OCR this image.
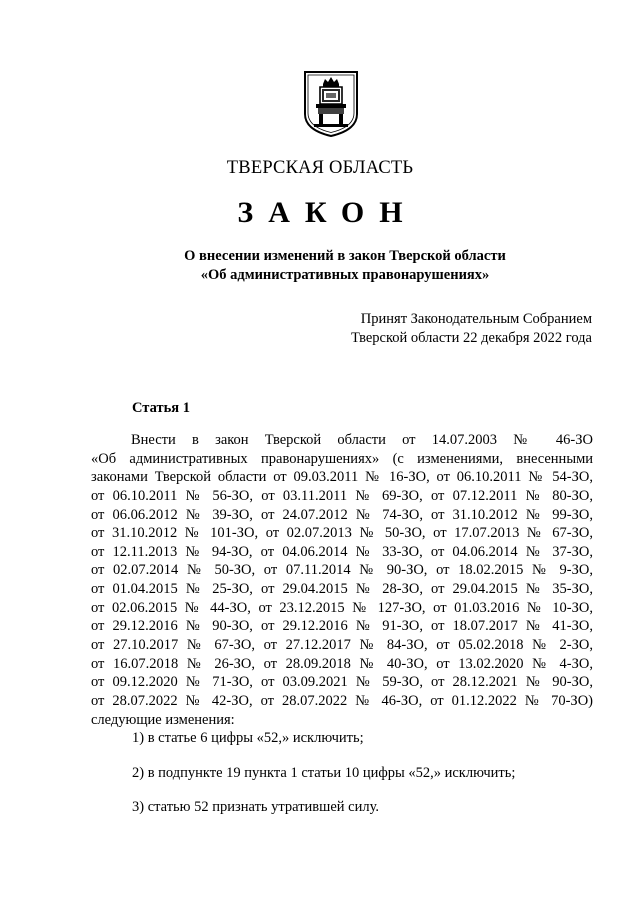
ТВЕРСКАЯ ОБЛАСТЬ
ЗАКОН
О внесении изменений в закон Тверской области
«Об административных правонарушениях»
Принят Законодательным Собранием
Тверской области 22 декабря 2022 года
Статья 1
Внести в закон Тверской области от 14.07.2003 № 46-ЗО
«Об административных правонарушениях» (с изменениями, внесенными
законами Тверской области от 09.03.2011 № 16-ЗО, от 06.10.2011 № 54-ЗО,
от 06.10.2011 № 56-ЗО, от 03.11.2011 № 69-ЗО, от 07.12.2011 № 80-ЗО,
от 06.06.2012 № 39-ЗО, от 24.07.2012 № 74-ЗО, от 31.10.2012 № 99-ЗО,
от 31.10.2012 № 101-ЗО, от 02.07.2013 № 50-ЗО, от 17.07.2013 № 67-ЗО,
от 12.11.2013 № 94-ЗО, от 04.06.2014 № 33-ЗО, от 04.06.2014 № 37-ЗО,
от 02.07.2014 № 50-ЗО, от 07.11.2014 № 90-ЗО, от 18.02.2015 № 9-ЗО,
от 01.04.2015 № 25-ЗО, от 29.04.2015 № 28-ЗО, от 29.04.2015 № 35-ЗО,
от 02.06.2015 № 44-ЗО, от 23.12.2015 № 127-ЗО, от 01.03.2016 № 10-ЗО,
от 29.12.2016 № 90-ЗО, от 29.12.2016 № 91-ЗО, от 18.07.2017 № 41-ЗО,
от 27.10.2017 № 67-ЗО, от 27.12.2017 № 84-ЗО, от 05.02.2018 № 2-ЗО,
от 16.07.2018 № 26-ЗО, от 28.09.2018 № 40-ЗО, от 13.02.2020 № 4-ЗО,
от 09.12.2020 № 71-ЗО, от 03.09.2021 № 59-ЗО, от 28.12.2021 № 90-ЗО,
от 28.07.2022 № 42-ЗО, от 28.07.2022 № 46-ЗО, от 01.12.2022 № 70-ЗО)
следующие изменения:
1) в статье 6 цифры «52,» исключить;
2) в подпункте 19 пункта 1 статьи 10 цифры «52,» исключить;
3) статью 52 признать утратившей силу.
